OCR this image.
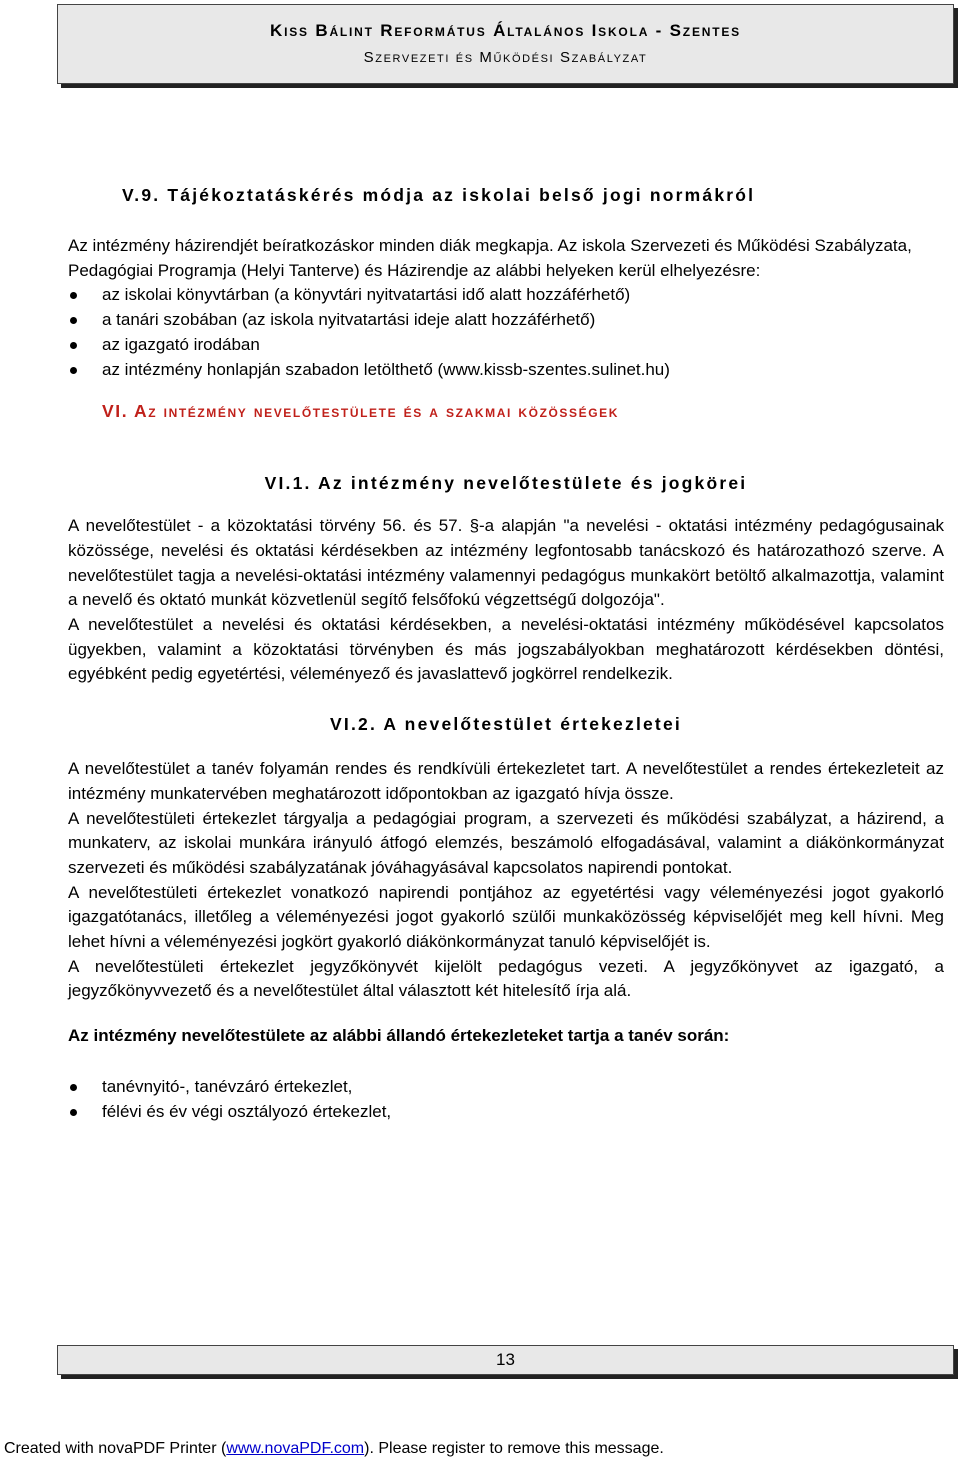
Kiss Bálint Református Általános Iskola - Szentes
Szervezeti és Működési Szabályzat
V.9. Tájékoztatáskérés módja az iskolai belső jogi normákról

Az intézmény házirendjét beíratkozáskor minden diák megkapja. Az iskola Szervezeti és Működési Szabályzata, Pedagógiai Programja (Helyi Tanterve) és Házirendje az alábbi helyeken kerül elhelyezésre:

az iskolai könyvtárban (a könyvtári nyitvatartási idő alatt hozzáférhető)
a tanári szobában (az iskola nyitvatartási ideje alatt hozzáférhető)
az igazgató irodában
az intézmény honlapján szabadon letölthető (www.kissb-szentes.sulinet.hu)
VI. Az intézmény nevelőtestülete és a szakmai közösségek
VI.1. Az intézmény nevelőtestülete és jogkörei

A nevelőtestület - a közoktatási törvény 56. és 57. §-a alapján "a nevelési - oktatási intézmény pedagógusainak közössége, nevelési és oktatási kérdésekben az intézmény legfontosabb tanácskozó és határozathozó szerve. A nevelőtestület tagja a nevelési-oktatási intézmény valamennyi pedagógus munkakört betöltő alkalmazottja, valamint a nevelő és oktató munkát közvetlenül segítő felsőfokú végzettségű dolgozója".

A nevelőtestület a nevelési és oktatási kérdésekben, a nevelési-oktatási intézmény működésével kapcsolatos ügyekben, valamint a közoktatási törvényben és más jogszabályokban meghatározott kérdésekben döntési, egyébként pedig egyetértési, véleményező és javaslattevő jogkörrel rendelkezik.

VI.2. A nevelőtestület értekezletei

A nevelőtestület a tanév folyamán rendes és rendkívüli értekezletet tart. A nevelőtestület a rendes értekezleteit az intézmény munkatervében meghatározott időpontokban az igazgató hívja össze.

A nevelőtestületi értekezlet tárgyalja a pedagógiai program, a szervezeti és működési szabályzat, a házirend, a munkaterv, az iskolai munkára irányuló átfogó elemzés, beszámoló elfogadásával, valamint a diákönkormányzat szervezeti és működési szabályzatának jóváhagyásával kapcsolatos napirendi pontokat.

A nevelőtestületi értekezlet vonatkozó napirendi pontjához az egyetértési vagy véleményezési jogot gyakorló igazgatótanács, illetőleg a véleményezési jogot gyakorló szülői munkaközösség képviselőjét meg kell hívni. Meg lehet hívni a véleményezési jogkört gyakorló diákönkormányzat tanuló képviselőjét is.

A nevelőtestületi értekezlet jegyzőkönyvét kijelölt pedagógus vezeti. A jegyzőkönyvet az igazgató, a jegyzőkönyvvezető és a nevelőtestület által választott két hitelesítő írja alá.

Az intézmény nevelőtestülete az alábbi állandó értekezleteket tartja a tanév során:

tanévnyitó-, tanévzáró értekezlet,
félévi és év végi osztályozó értekezlet,
13
Created with novaPDF Printer (www.novaPDF.com). Please register to remove this message.
